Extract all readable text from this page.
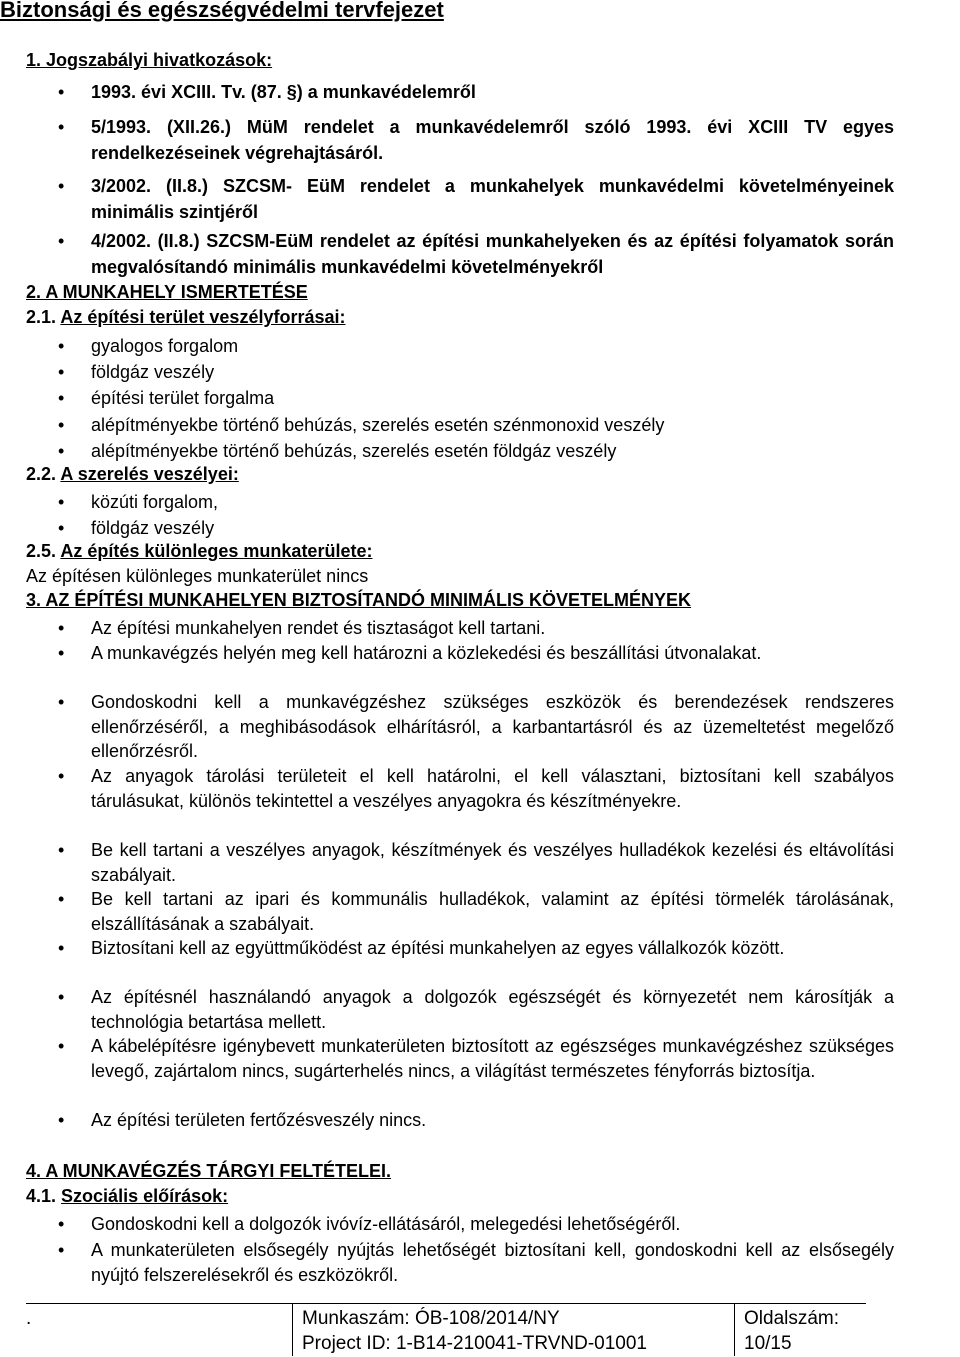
Biztonsági és egészségvédelmi tervfejezet
1. Jogszabályi hivatkozások:
• 1993. évi XCIII. Tv. (87. §) a munkavédelemről
• 5/1993. (XII.26.) MüM rendelet a munkavédelemről szóló 1993. évi XCIII TV egyes rendelkezéseinek végrehajtásáról.
• 3/2002. (II.8.) SZCSM- EüM rendelet a munkahelyek munkavédelmi követelményeinek minimális szintjéről
• 4/2002. (II.8.) SZCSM-EüM rendelet az építési munkahelyeken és az építési folyamatok során megvalósítandó minimális munkavédelmi követelményekről
2. A MUNKAHELY ISMERTETÉSE
2.1. Az építési terület veszélyforrásai:
• gyalogos forgalom
• földgáz veszély
• építési terület forgalma
• alépítményekbe történő behúzás, szerelés esetén szénmonoxid veszély
• alépítményekbe történő behúzás, szerelés esetén földgáz veszély
2.2. A szerelés veszélyei:
• közúti forgalom,
• földgáz veszély
2.5. Az építés különleges munkaterülete:
Az építésen különleges munkaterület nincs
3. AZ ÉPÍTÉSI MUNKAHELYEN BIZTOSÍTANDÓ MINIMÁLIS KÖVETELMÉNYEK
• Az építési munkahelyen rendet és tisztaságot kell tartani.
• A munkavégzés helyén meg kell határozni a közlekedési és beszállítási útvonalakat.
• Gondoskodni kell a munkavégzéshez szükséges eszközök és berendezések rendszeres ellenőrzéséről, a meghibásodások elhárításról, a karbantartásról és az üzemeltetést megelőző ellenőrzésről.
• Az anyagok tárolási területeit el kell határolni, el kell választani, biztosítani kell szabályos tárulásukat, különös tekintettel a veszélyes anyagokra és készítményekre.
• Be kell tartani a veszélyes anyagok, készítmények és veszélyes hulladékok kezelési és eltávolítási szabályait.
• Be kell tartani az ipari és kommunális hulladékok, valamint az építési törmelék tárolásának, elszállításának a szabályait.
• Biztosítani kell az együttműködést az építési munkahelyen az egyes vállalkozók között.
• Az építésnél használandó anyagok a dolgozók egészségét és környezetét nem károsítják a technológia betartása mellett.
• A kábelépítésre igénybevett munkaterületen biztosított az egészséges munkavégzéshez szükséges levegő, zajártalom nincs, sugárterhelés nincs, a világítást természetes fényforrás biztosítja.
• Az építési területen fertőzésveszély nincs.
4. A MUNKAVÉGZÉS TÁRGYI FELTÉTELEI.
4.1. Szociális előírások:
• Gondoskodni kell a dolgozók ivóvíz-ellátásáról, melegedési lehetőségéről.
• A munkaterületen elsősegély nyújtás lehetőségét biztosítani kell, gondoskodni kell az elsősegély nyújtó felszerelésekről és eszközökről.
.	Munkaszám: ÓB-108/2014/NY
Project ID: 1-B14-210041-TRVND-01001
Oldalszám:
10/15
